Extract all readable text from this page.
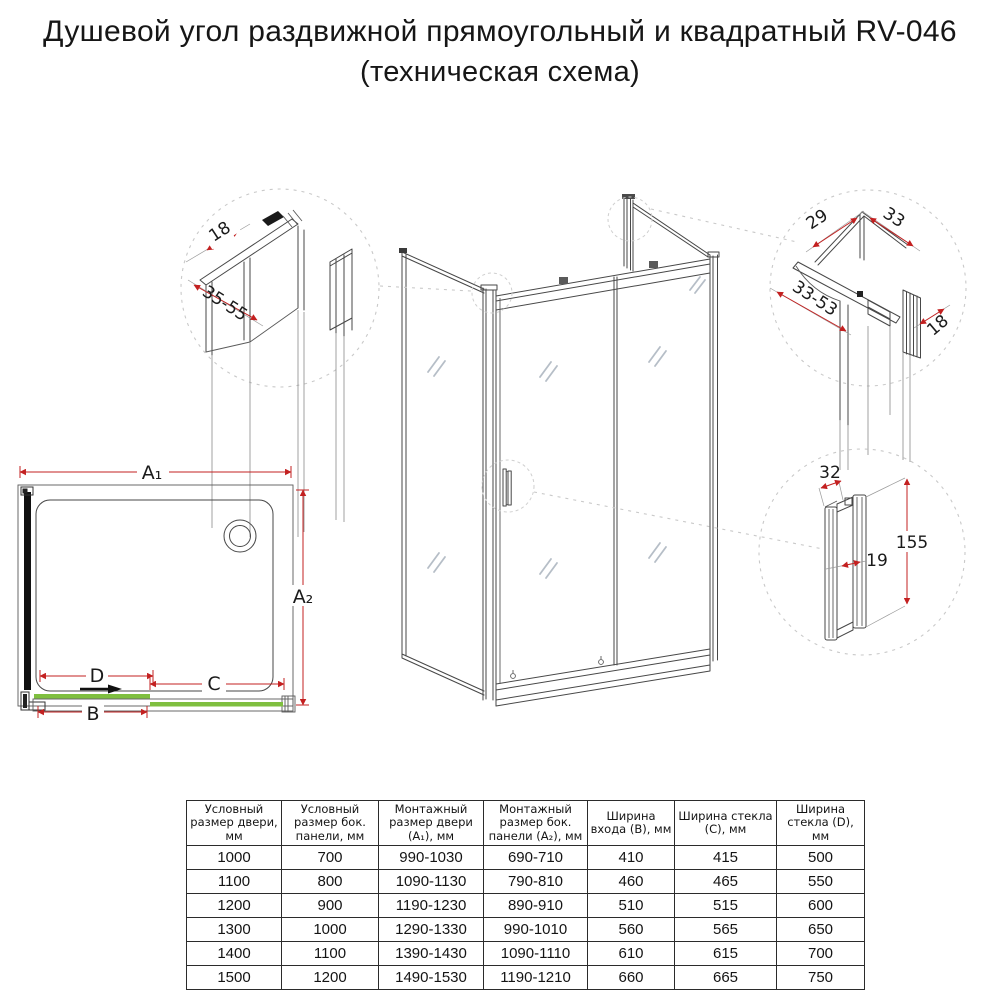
Душевой угол раздвижной прямоугольный и квадратный RV-046
(техническая схема)
18
35-55
29	33
33-53
18
32
155
19
A₁
A₂
D	C
B
Условный размер двери, мм	Условный размер бок. панели, мм	Монтажный размер двери (A₁), мм	Монтажный размер бок. панели (A₂), мм	Ширина входа (B), мм	Ширина стекла (C), мм	Ширина стекла (D), мм
1000	700	990-1030	690-710	410	415	500
1100	800	1090-1130	790-810	460	465	550
1200	900	1190-1230	890-910	510	515	600
1300	1000	1290-1330	990-1010	560	565	650
1400	1100	1390-1430	1090-1110	610	615	700
1500	1200	1490-1530	1190-1210	660	665	750
